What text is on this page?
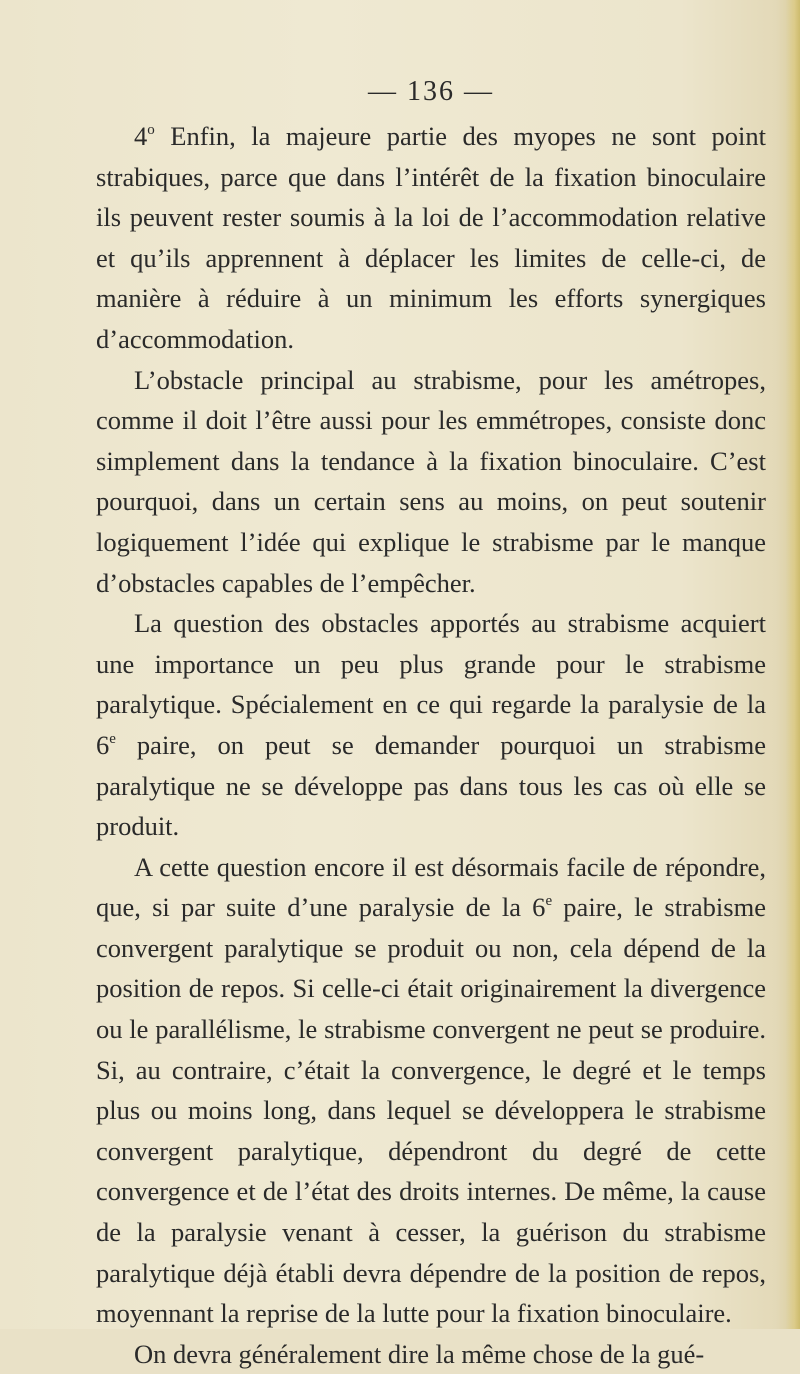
— 136 —

4$^o$ Enfin, la majeure partie des myopes ne sont point strabiques, parce que dans l’intérêt de la fixation binoculaire ils peuvent rester soumis à la loi de l’accommodation relative et qu’ils apprennent à déplacer les limites de celle-ci, de manière à réduire à un minimum les efforts synergiques d’accommodation.

L’obstacle principal au strabisme, pour les amétropes, comme il doit l’être aussi pour les emmétropes, consiste donc simplement dans la tendance à la fixation binoculaire. C’est pourquoi, dans un certain sens au moins, on peut soutenir logiquement l’idée qui explique le strabisme par le manque d’obstacles capables de l’empêcher.

La question des obstacles apportés au strabisme acquiert une importance un peu plus grande pour le strabisme paralytique. Spécialement en ce qui regarde la paralysie de la 6e paire, on peut se demander pourquoi un strabisme paralytique ne se développe pas dans tous les cas où elle se produit.

A cette question encore il est désormais facile de répondre, que, si par suite d’une paralysie de la 6e paire, le strabisme convergent paralytique se produit ou non, cela dépend de la position de repos. Si celle-ci était originairement la divergence ou le parallélisme, le strabisme convergent ne peut se produire. Si, au contraire, c’était la convergence, le degré et le temps plus ou moins long, dans lequel se développera le strabisme convergent paralytique, dépendront du degré de cette convergence et de l’état des droits internes. De même, la cause de la paralysie venant à cesser, la guérison du strabisme paralytique déjà établi devra dépendre de la position de repos, moyennant la reprise de la lutte pour la fixation binoculaire.

On devra généralement dire la même chose de la gué-
